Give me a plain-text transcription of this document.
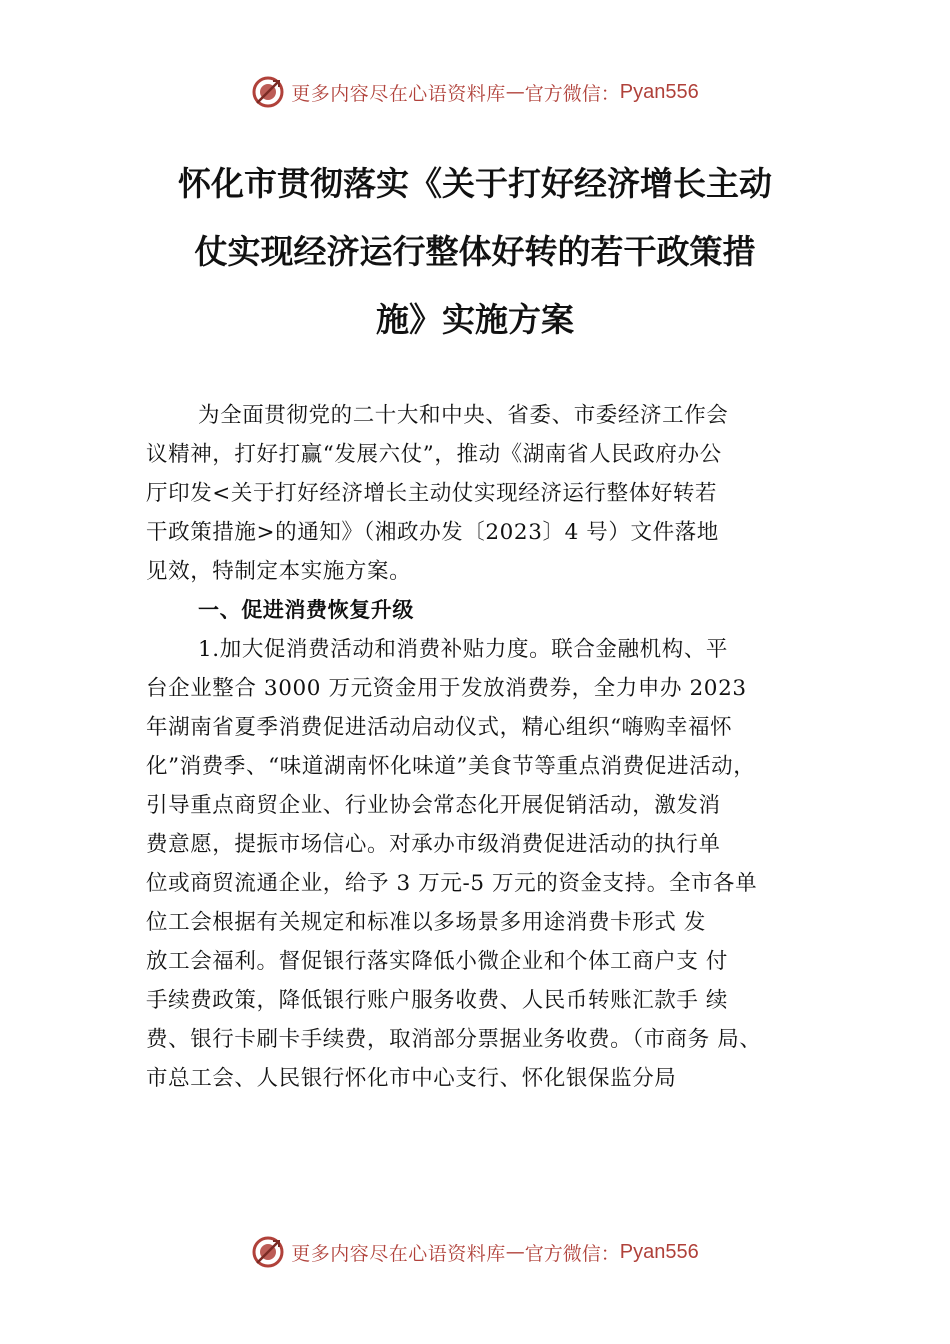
更多内容尽在心语资料库 — 官方微信： Pyan556
怀化市贯彻落实《关于打好经济增长主动
仗实现经济运行整体好转的若干政策措
施》实施方案
为全面贯彻党的二十大和中央、省委、市委经济工作会
议精神，打好打赢“发展六仗”，推动《湖南省人民政府办公
厅印发<关于打好经济增长主动仗实现经济运行整体好转若
干政策措施>的通知》（湘政办发〔2023〕4 号）文件落地
见效，特制定本实施方案。
一、促进消费恢复升级
1.加大促消费活动和消费补贴力度。联合金融机构、平
台企业整合 3000 万元资金用于发放消费券，全力申办 2023
年湖南省夏季消费促进活动启动仪式，精心组织“嗨购幸福怀
化”消费季、“味道湖南怀化味道”美食节等重点消费促进活动，
引导重点商贸企业、行业协会常态化开展促销活动，激发消
费意愿，提振市场信心。对承办市级消费促进活动的执行单
位或商贸流通企业，给予 3 万元-5 万元的资金支持。全市各单
位工会根据有关规定和标准以多场景多用途消费卡形式 发
放工会福利。督促银行落实降低小微企业和个体工商户支 付
手续费政策，降低银行账户服务收费、人民币转账汇款手 续
费、银行卡刷卡手续费，取消部分票据业务收费。（市商务 局、
市总工会、人民银行怀化市中心支行、怀化银保监分局
更多内容尽在心语资料库 — 官方微信： Pyan556
